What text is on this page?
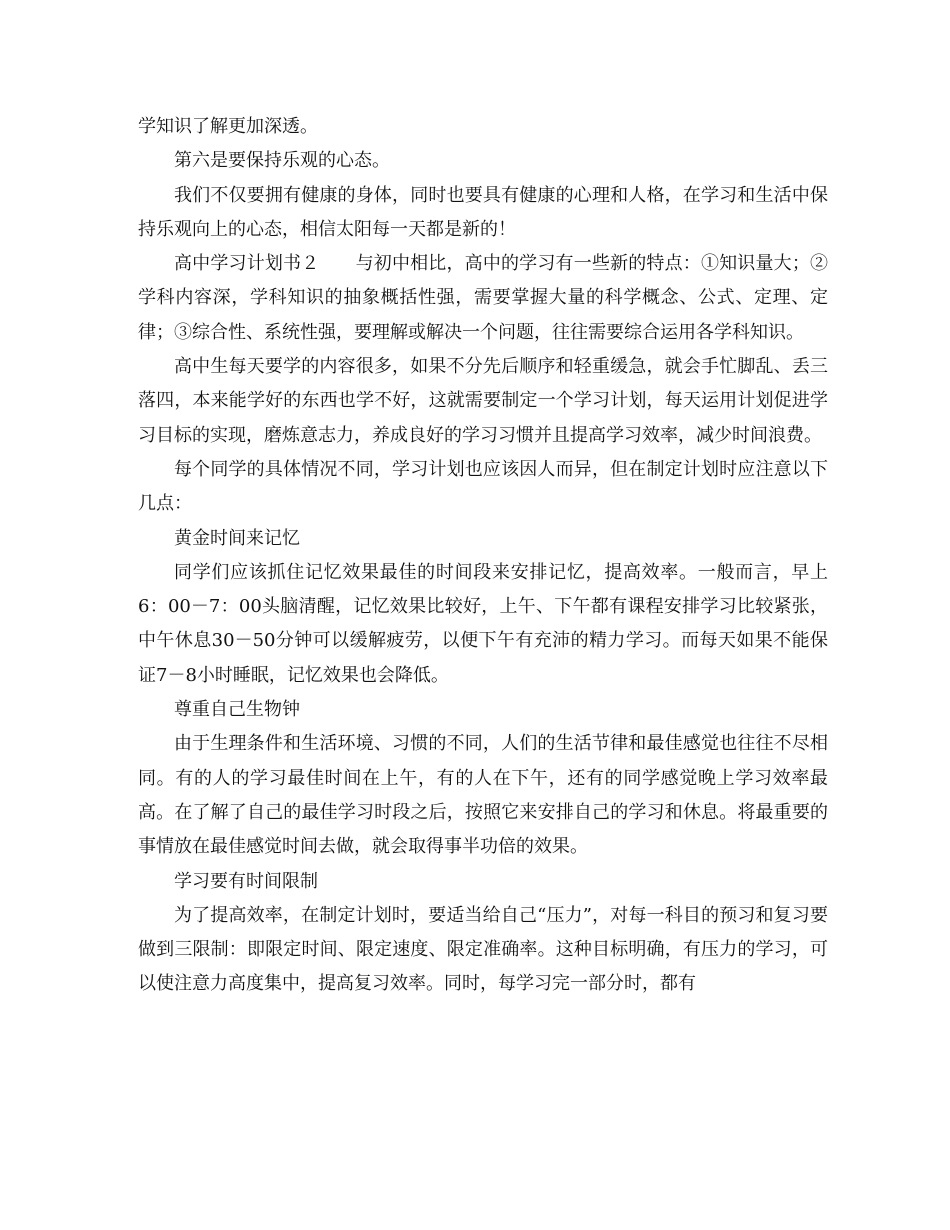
学知识了解更加深透。

第六是要保持乐观的心态。

我们不仅要拥有健康的身体，同时也要具有健康的心理和人格，在学习和生活中保持乐观向上的心态，相信太阳每一天都是新的！

高中学习计划书２ 与初中相比，高中的学习有一些新的特点：①知识量大；②学科内容深，学科知识的抽象概括性强，需要掌握大量的科学概念、公式、定理、定律；③综合性、系统性强，要理解或解决一个问题，往往需要综合运用各学科知识。

高中生每天要学的内容很多，如果不分先后顺序和轻重缓急，就会手忙脚乱、丢三落四，本来能学好的东西也学不好，这就需要制定一个学习计划，每天运用计划促进学习目标的实现，磨炼意志力，养成良好的学习习惯并且提高学习效率，减少时间浪费。

每个同学的具体情况不同，学习计划也应该因人而异，但在制定计划时应注意以下几点：

黄金时间来记忆

同学们应该抓住记忆效果最佳的时间段来安排记忆，提高效率。一般而言，早上6：00－7：00头脑清醒，记忆效果比较好，上午、下午都有课程安排学习比较紧张，中午休息30－50分钟可以缓解疲劳，以便下午有充沛的精力学习。而每天如果不能保证7－8小时睡眠，记忆效果也会降低。

尊重自己生物钟

由于生理条件和生活环境、习惯的不同，人们的生活节律和最佳感觉也往往不尽相同。有的人的学习最佳时间在上午，有的人在下午，还有的同学感觉晚上学习效率最高。在了解了自己的最佳学习时段之后，按照它来安排自己的学习和休息。将最重要的事情放在最佳感觉时间去做，就会取得事半功倍的效果。

学习要有时间限制

为了提高效率，在制定计划时，要适当给自己“压力”，对每一科目的预习和复习要做到三限制：即限定时间、限定速度、限定准确率。这种目标明确，有压力的学习，可以使注意力高度集中，提高复习效率。同时，每学习完一部分时，都有
